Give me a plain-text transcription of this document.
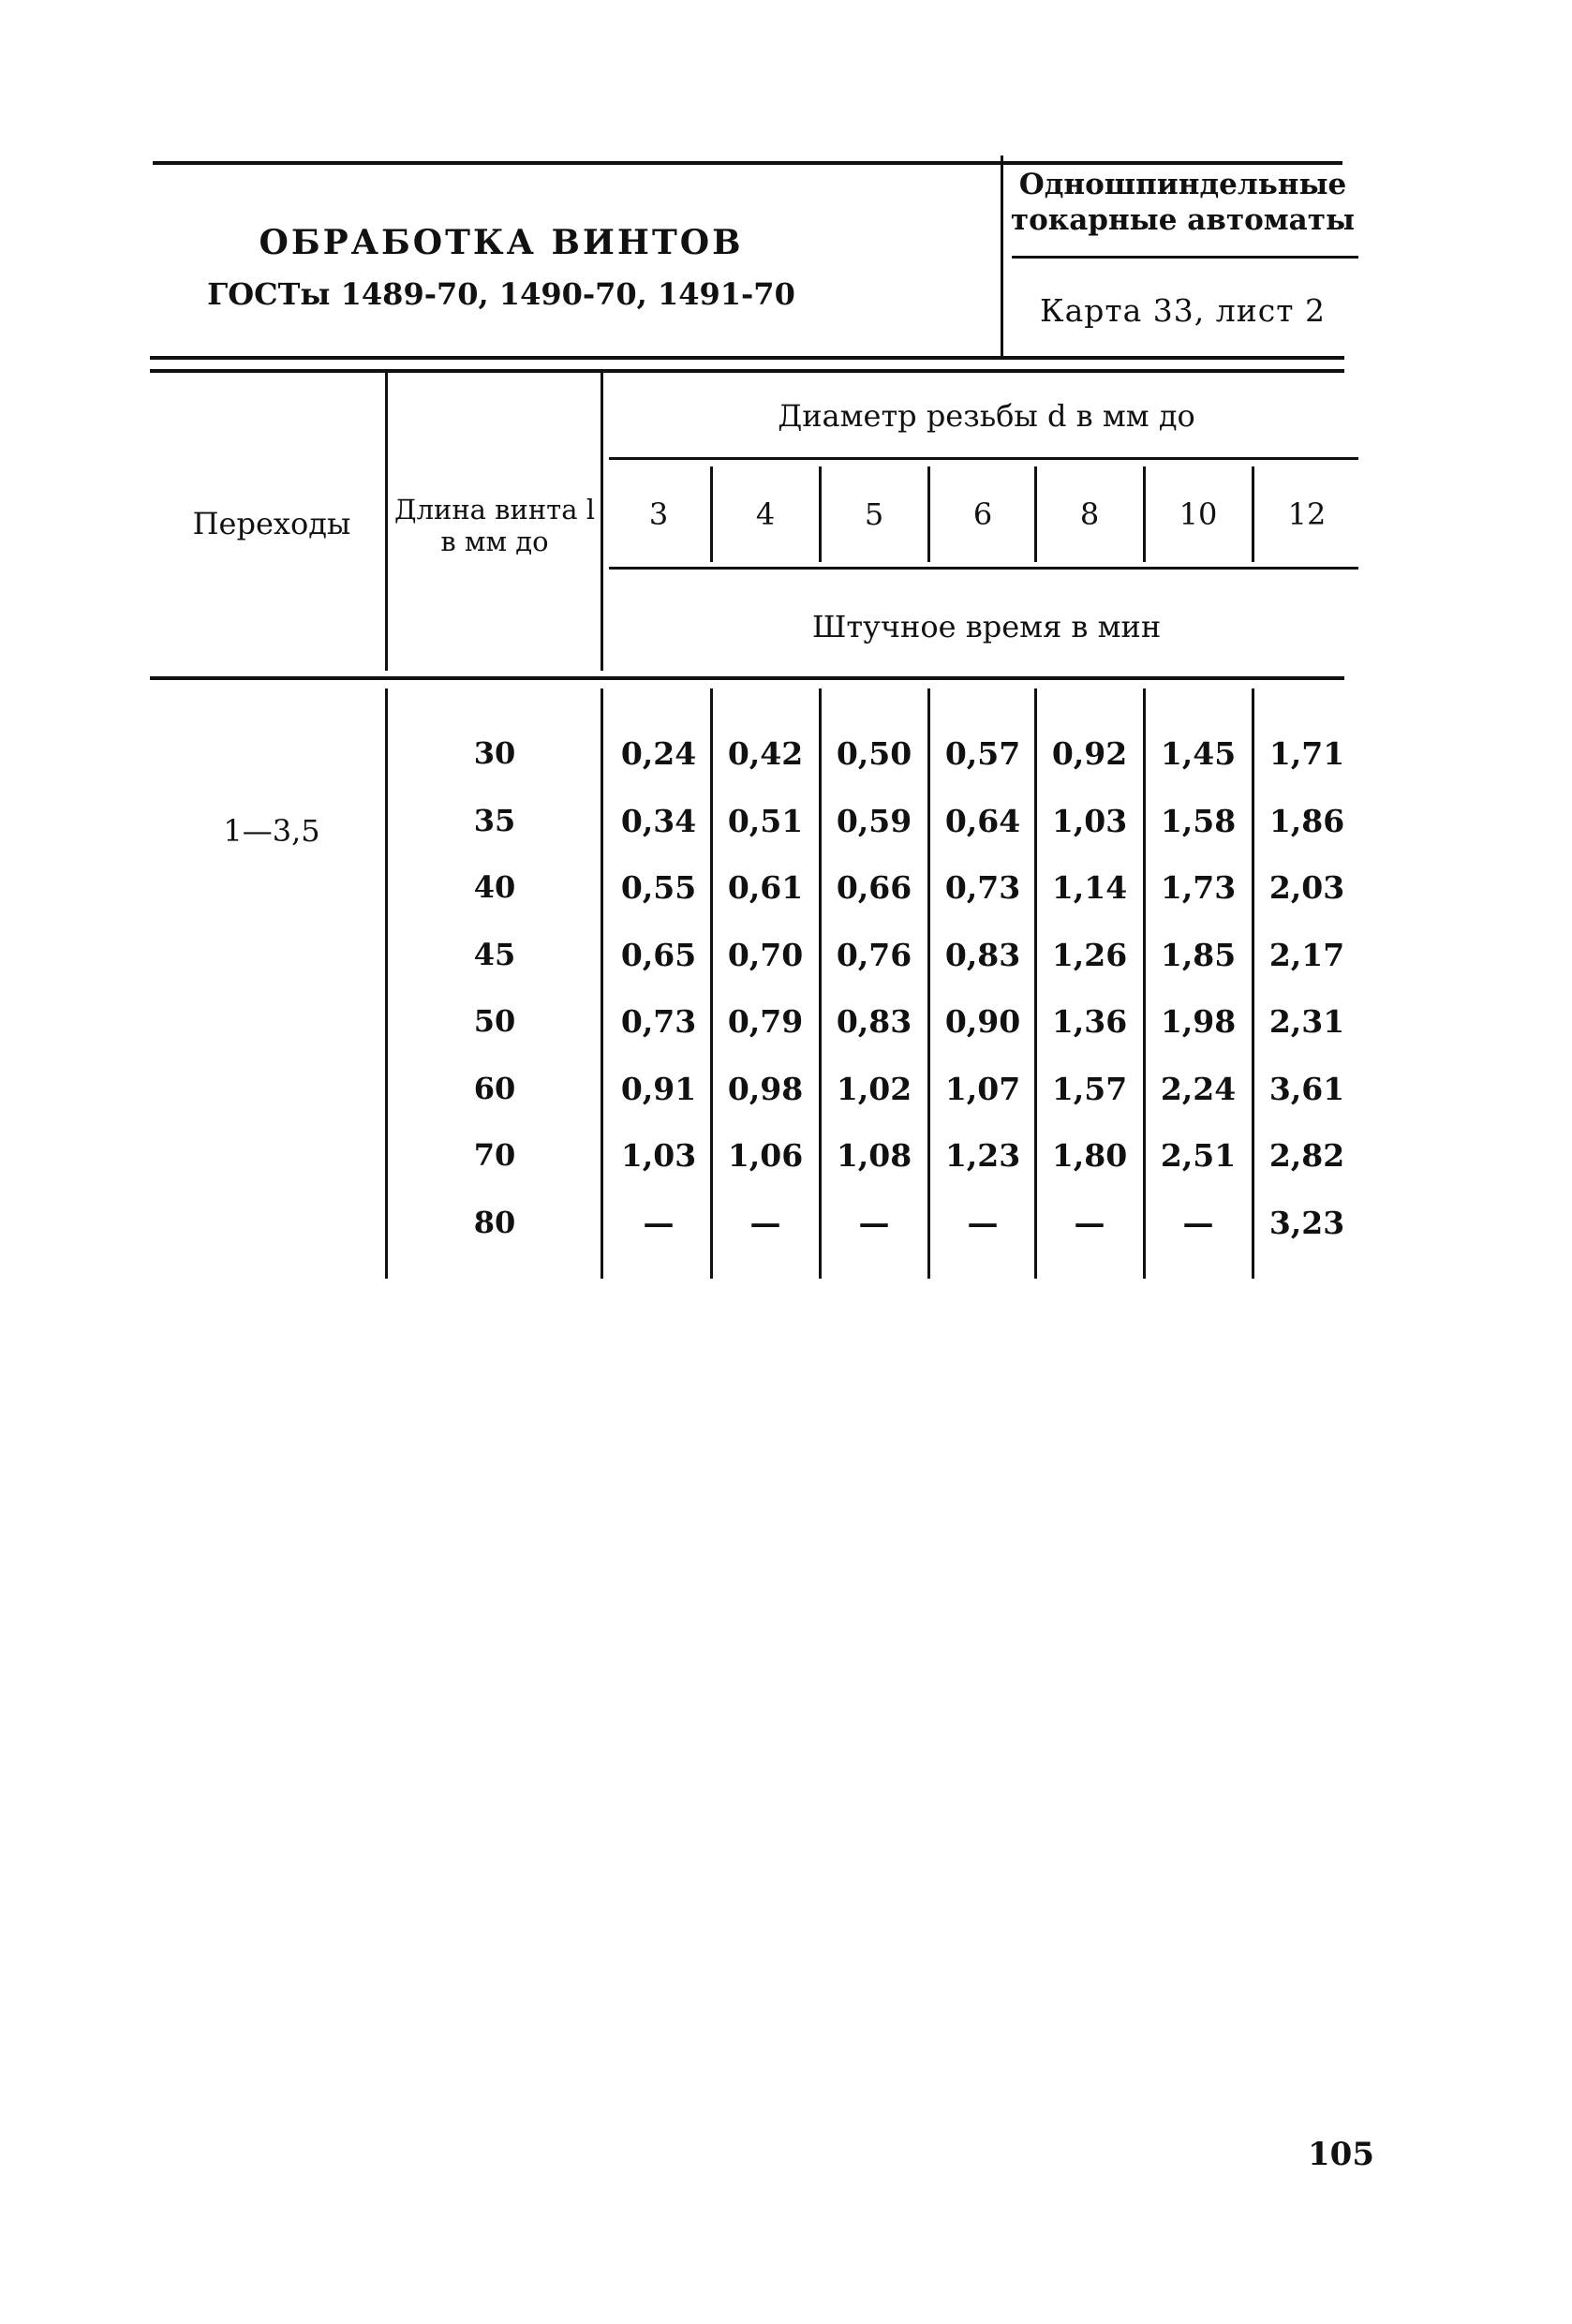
ОБРАБОТКА ВИНТОВ
ГОСТы 1489-70, 1490-70, 1491-70
Одношпиндельные токарные автоматы
Карта 33, лист 2
Переходы	Длина винта l в мм до
Диаметр резьбы d в мм до
Штучное время в мин
3	4	5	6	8	10	12
1—3,5
30	0,24	0,42	0,50	0,57	0,92	1,45	1,71
35	0,34	0,51	0,59	0,64	1,03	1,58	1,86
40	0,55	0,61	0,66	0,73	1,14	1,73	2,03
45	0,65	0,70	0,76	0,83	1,26	1,85	2,17
50	0,73	0,79	0,83	0,90	1,36	1,98	2,31
60	0,91	0,98	1,02	1,07	1,57	2,24	3,61
70	1,03	1,06	1,08	1,23	1,80	2,51	2,82
80	—	—	—	—	—	—	3,23
105
